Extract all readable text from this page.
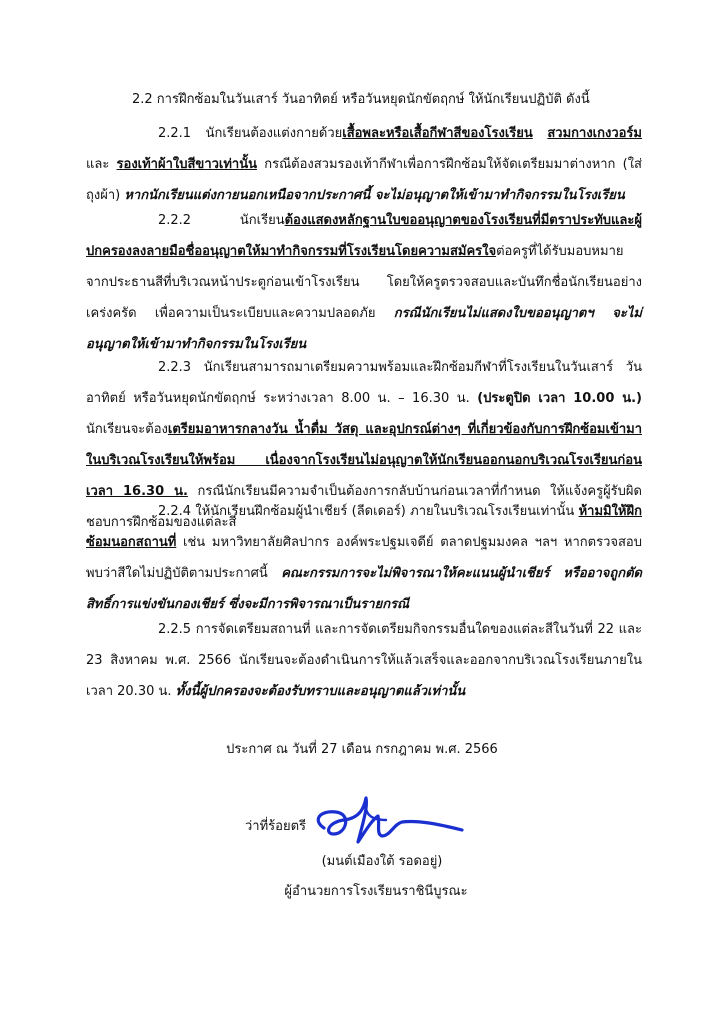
2.2 การฝึกซ้อมในวันเสาร์ วันอาทิตย์ หรือวันหยุดนักขัตฤกษ์ ให้นักเรียนปฏิบัติ ดังนี้

2.2.1 นักเรียนต้องแต่งกายด้วยเสื้อพละหรือเสื้อกีฬาสีของโรงเรียน สวมกางเกงวอร์ม และ รองเท้าผ้าใบสีขาวเท่านั้น กรณีต้องสวมรองเท้ากีฬาเพื่อการฝึกซ้อมให้จัดเตรียมมาต่างหาก (ใส่ถุงผ้า) หากนักเรียนแต่งกายนอกเหนือจากประกาศนี้ จะไม่อนุญาตให้เข้ามาทำกิจกรรมในโรงเรียน

2.2.2 นักเรียนต้องแสดงหลักฐานใบขออนุญาตของโรงเรียนที่มีตราประทับและผู้ปกครองลงลายมือชื่ออนุญาตให้มาทำกิจกรรมที่โรงเรียนโดยความสมัครใจต่อครูที่ได้รับมอบหมายจากประธานสีที่บริเวณหน้าประตูก่อนเข้าโรงเรียน โดยให้ครูตรวจสอบและบันทึกชื่อนักเรียนอย่างเคร่งครัด เพื่อความเป็นระเบียบและความปลอดภัย กรณีนักเรียนไม่แสดงใบขออนุญาตฯ จะไม่อนุญาตให้เข้ามาทำกิจกรรมในโรงเรียน

2.2.3 นักเรียนสามารถมาเตรียมความพร้อมและฝึกซ้อมกีฬาที่โรงเรียนในวันเสาร์ วันอาทิตย์ หรือวันหยุดนักขัตฤกษ์ ระหว่างเวลา 8.00 น. – 16.30 น. (ประตูปิด เวลา 10.00 น.) นักเรียนจะต้องเตรียมอาหารกลางวัน น้ำดื่ม วัสดุ และอุปกรณ์ต่างๆ ที่เกี่ยวข้องกับการฝึกซ้อมเข้ามาในบริเวณโรงเรียนให้พร้อม เนื่องจากโรงเรียนไม่อนุญาตให้นักเรียนออกนอกบริเวณโรงเรียนก่อนเวลา 16.30 น. กรณีนักเรียนมีความจำเป็นต้องการกลับบ้านก่อนเวลาที่กำหนด ให้แจ้งครูผู้รับผิดชอบการฝึกซ้อมของแต่ละสี

2.2.4 ให้นักเรียนฝึกซ้อมผู้นำเชียร์ (ลีดเดอร์) ภายในบริเวณโรงเรียนเท่านั้น ห้ามมิให้ฝึกซ้อมนอกสถานที่ เช่น มหาวิทยาลัยศิลปากร องค์พระปฐมเจดีย์ ตลาดปฐมมงคล ฯลฯ หากตรวจสอบพบว่าสีใดไม่ปฏิบัติตามประกาศนี้ คณะกรรมการจะไม่พิจารณาให้คะแนนผู้นำเชียร์ หรืออาจถูกตัดสิทธิ์การแข่งขันกองเชียร์ ซึ่งจะมีการพิจารณาเป็นรายกรณี

2.2.5 การจัดเตรียมสถานที่ และการจัดเตรียมกิจกรรมอื่นใดของแต่ละสีในวันที่ 22 และ 23 สิงหาคม พ.ศ. 2566 นักเรียนจะต้องดำเนินการให้แล้วเสร็จและออกจากบริเวณโรงเรียนภายในเวลา 20.30 น. ทั้งนี้ผู้ปกครองจะต้องรับทราบและอนุญาตแล้วเท่านั้น

ประกาศ ณ วันที่ 27 เดือน กรกฎาคม พ.ศ. 2566

ว่าที่ร้อยตรี

(มนต์เมืองใต้ รอดอยู่)

ผู้อำนวยการโรงเรียนราชินีบูรณะ
